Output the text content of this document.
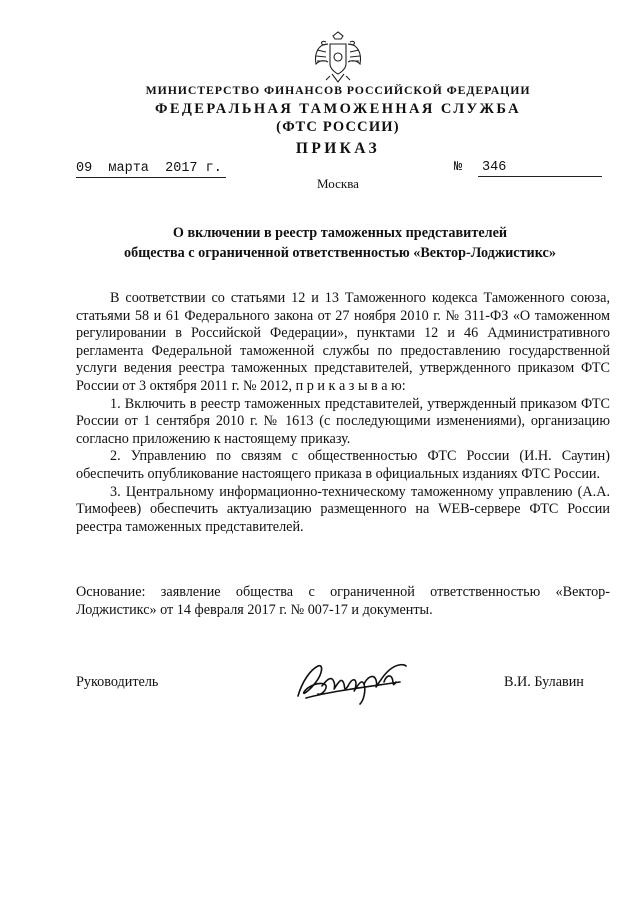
МИНИСТЕРСТВО ФИНАНСОВ РОССИЙСКОЙ ФЕДЕРАЦИИ
ФЕДЕРАЛЬНАЯ ТАМОЖЕННАЯ СЛУЖБА
(ФТС РОССИИ)
ПРИКАЗ
09  марта  2017 г.	№ 346
Москва
О включении в реестр таможенных представителей
общества с ограниченной ответственностью «Вектор-Лоджистикс»

В соответствии со статьями 12 и 13 Таможенного кодекса Таможенного союза, статьями 58 и 61 Федерального закона от 27 ноября 2010 г. № 311-ФЗ «О таможенном регулировании в Российской Федерации», пунктами 12 и 46 Административного регламента Федеральной таможенной службы по предоставлению государственной услуги ведения реестра таможенных представителей, утвержденного приказом ФТС России от 3 октября 2011 г. № 2012, п р и к а з ы в а ю:

1. Включить в реестр таможенных представителей, утвержденный приказом ФТС России от 1 сентября 2010 г. № 1613 (с последующими изменениями), организацию согласно приложению к настоящему приказу.

2. Управлению по связям с общественностью ФТС России (И.Н. Саутин) обеспечить опубликование настоящего приказа в официальных изданиях ФТС России.

3. Центральному информационно-техническому таможенному управлению (А.А. Тимофеев) обеспечить актуализацию размещенного на WEB-сервере ФТС России реестра таможенных представителей.

Основание: заявление общества с ограниченной ответственностью «Вектор-Лоджистикс» от 14 февраля 2017 г. № 007-17 и документы.
Руководитель	В.И. Булавин
